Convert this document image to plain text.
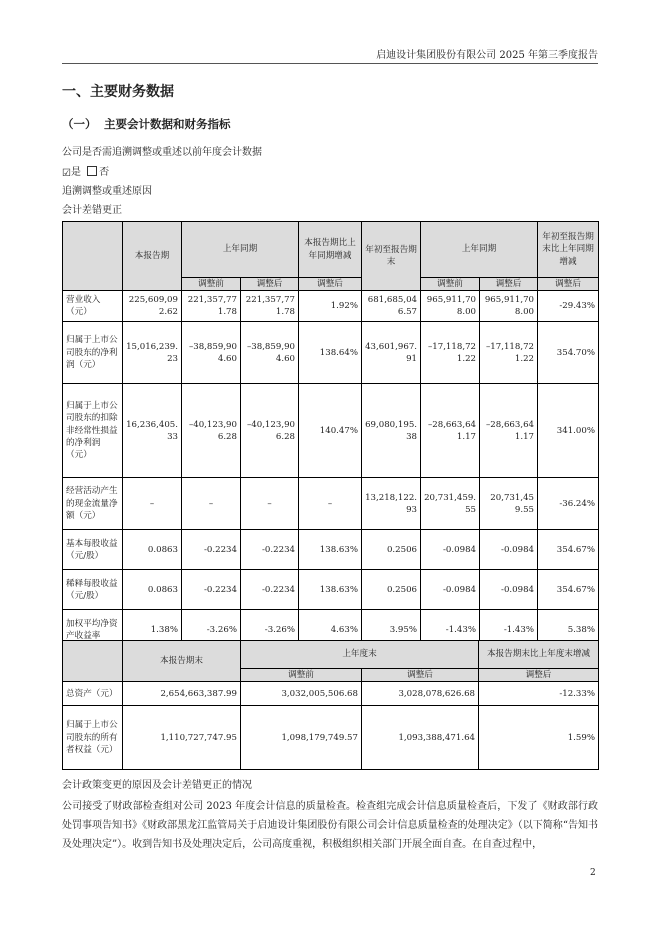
启迪设计集团股份有限公司 2025 年第三季度报告
一、主要财务数据
（一） 主要会计数据和财务指标
公司是否需追溯调整或重述以前年度会计数据
☑是 否
追溯调整或重述原因
会计差错更正
	本报告期	上年同期		本报告期比上年同期增减	年初至报告期末	上年同期		年初至报告期末比上年同期增减
		调整前	调整后	调整后		调整前	调整后	调整后
营业收入（元）	225,609,092.62	221,357,771.78	221,357,771.78	1.92%	681,685,046.57	965,911,708.00	965,911,708.00	-29.43%
归属于上市公司股东的净利润（元）	15,016,239.23	–38,859,904.60	–38,859,904.60	138.64%	43,601,967.91	–17,118,721.22	–17,118,721.22	354.70%
归属于上市公司股东的扣除非经常性损益的净利润（元）	16,236,405.33	–40,123,906.28	–40,123,906.28	140.47%	69,080,195.38	–28,663,641.17	–28,663,641.17	341.00%
经营活动产生的现金流量净额（元）	–	–	–	–	13,218,122.93	20,731,459.55	20,731,459.55	-36.24%
基本每股收益（元/股）	0.0863	-0.2234	-0.2234	138.63%	0.2506	-0.0984	-0.0984	354.67%
稀释每股收益（元/股）	0.0863	-0.2234	-0.2234	138.63%	0.2506	-0.0984	-0.0984	354.67%
加权平均净资产收益率	1.38%	-3.26%	-3.26%	4.63%	3.95%	-1.43%	-1.43%	5.38%
	本报告期末	上年度末		本报告期末比上年度末增减
		调整前	调整后	调整后
总资产（元）	2,654,663,387.99	3,032,005,506.68	3,028,078,626.68	-12.33%
归属于上市公司股东的所有者权益（元）	1,110,727,747.95	1,098,179,749.57	1,093,388,471.64	1.59%
会计政策变更的原因及会计差错更正的情况
公司接受了财政部检查组对公司 2023 年度会计信息的质量检查。检查组完成会计信息质量检查后，下发了《财政部行政处罚事项告知书》《财政部黑龙江监管局关于启迪设计集团股份有限公司会计信息质量检查的处理决定》（以下简称“告知书及处理决定”）。收到告知书及处理决定后，公司高度重视，积极组织相关部门开展全面自查。在自查过程中，
2
